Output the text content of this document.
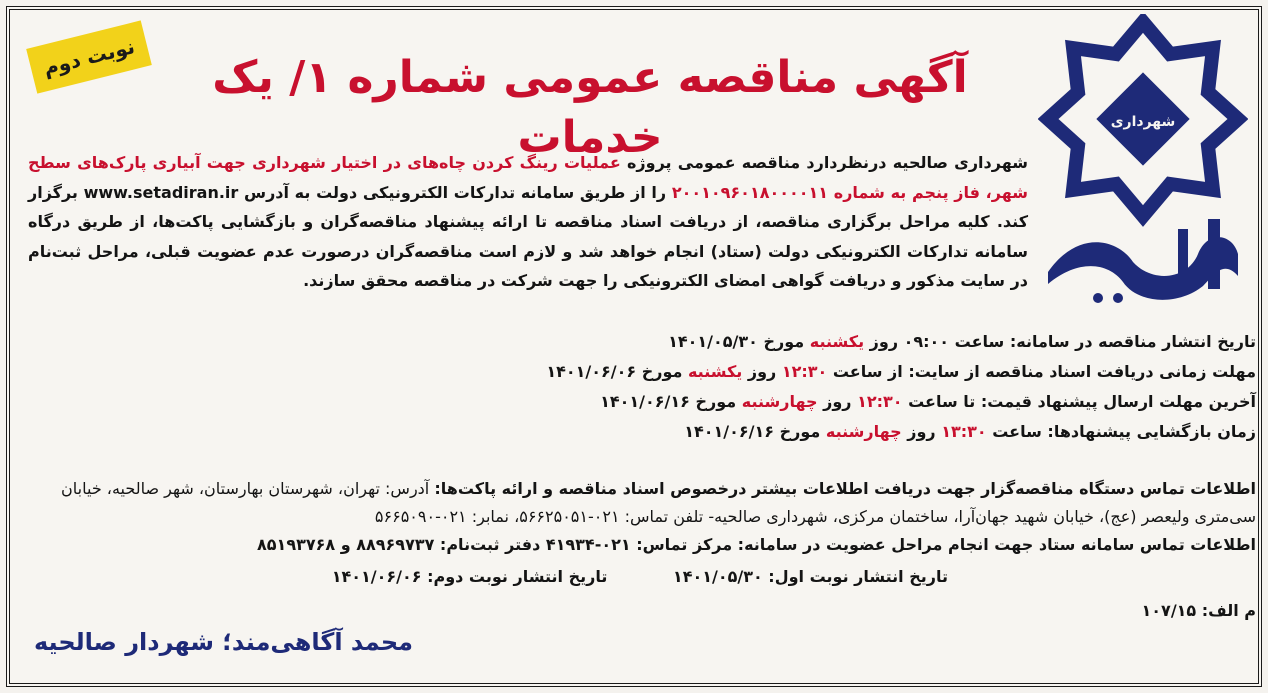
نوبت دوم	آگهی مناقصه عمومی شماره ۱/ یک خدمات	شهرداری
شهرداری صالحیه درنظردارد مناقصه عمومی پروژه عملیات رینگ کردن چاه‌های در اختیار شهرداری جهت آبیاری پارک‌های سطح شهر، فاز پنجم به شماره ۲۰۰۱۰۹۶۰۱۸۰۰۰۰۱۱ را از طریق سامانه تدارکات الکترونیکی دولت به آدرس www.setadiran.ir برگزار کند. کلیه مراحل برگزاری مناقصه، از دریافت اسناد مناقصه تا ارائه پیشنهاد مناقصه‌گران و بازگشایی پاکت‌ها، از طریق درگاه سامانه تدارکات الکترونیکی دولت (ستاد) انجام خواهد شد و لازم است مناقصه‌گران درصورت عدم عضویت قبلی، مراحل ثبت‌نام در سایت مذکور و دریافت گواهی امضای الکترونیکی را جهت شرکت در مناقصه محقق سازند.
تاریخ انتشار مناقصه در سامانه: ساعت ۰۹:۰۰ روز یکشنبه مورخ ۱۴۰۱/۰۵/۳۰
مهلت زمانی دریافت اسناد مناقصه از سایت: از ساعت ۱۲:۳۰ روز یکشنبه مورخ ۱۴۰۱/۰۶/۰۶
آخرین مهلت ارسال پیشنهاد قیمت: تا ساعت ۱۲:۳۰ روز چهارشنبه مورخ ۱۴۰۱/۰۶/۱۶
زمان بازگشایی پیشنهادها: ساعت ۱۳:۳۰ روز چهارشنبه مورخ ۱۴۰۱/۰۶/۱۶
اطلاعات تماس دستگاه مناقصه‌گزار جهت دریافت اطلاعات بیشتر درخصوص اسناد مناقصه و ارائه پاکت‌ها: آدرس: تهران، شهرستان بهارستان، شهر صالحیه، خیابان سی‌متری ولیعصر (عج)، خیابان شهید جهان‌آرا، ساختمان مرکزی، شهرداری صالحیه- تلفن تماس: ۰۲۱-۵۶۶۲۵۰۵۱، نمابر: ۰۲۱-۵۶۶۵۰۹۰
اطلاعات تماس سامانه ستاد جهت انجام مراحل عضویت در سامانه: مرکز تماس: ۰۲۱-۴۱۹۳۴ دفتر ثبت‌نام: ۸۸۹۶۹۷۳۷ و ۸۵۱۹۳۷۶۸
تاریخ انتشار نوبت اول: ۱۴۰۱/۰۵/۳۰ تاریخ انتشار نوبت دوم: ۱۴۰۱/۰۶/۰۶
م الف: ۱۰۷/۱۵
محمد آگاهی‌مند؛ شهردار صالحیه
